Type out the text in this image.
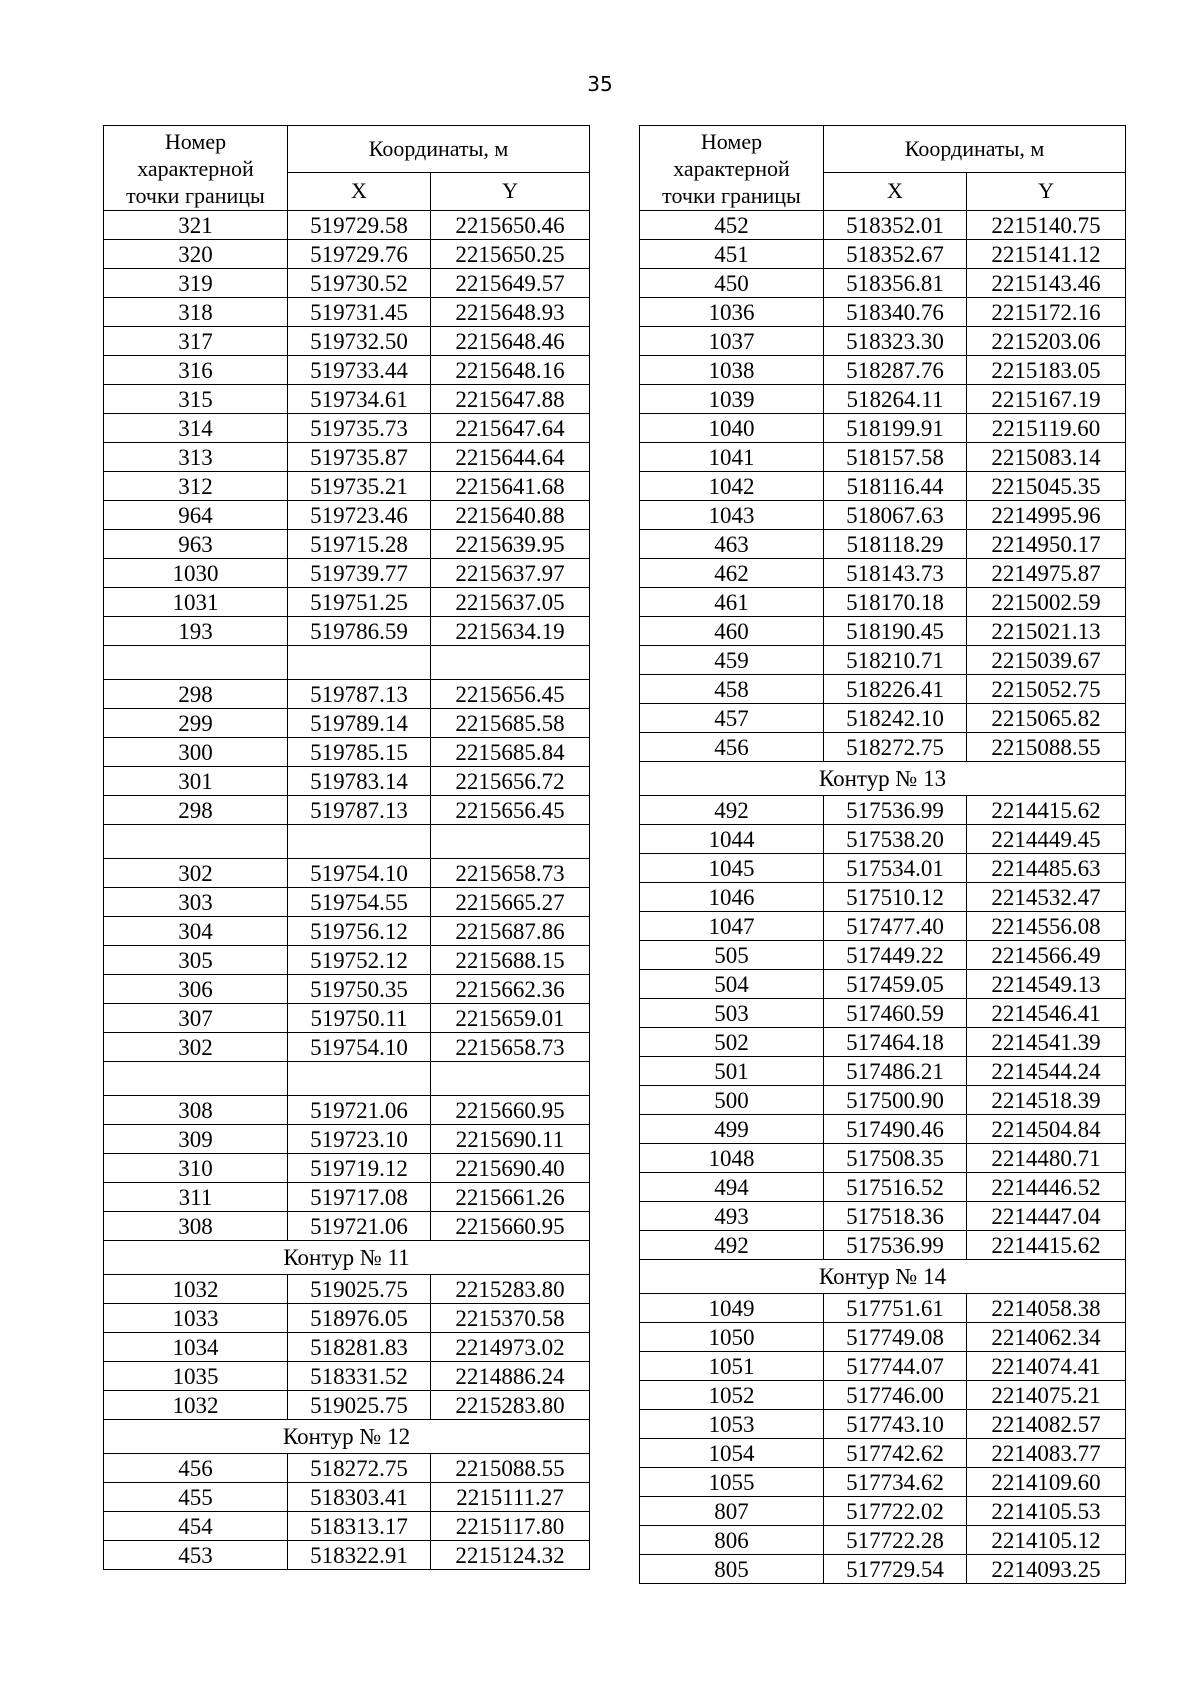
35
Номер характерной точки границы	Координаты, м	
	X	Y
321	519729.58	2215650.46
320	519729.76	2215650.25
319	519730.52	2215649.57
318	519731.45	2215648.93
317	519732.50	2215648.46
316	519733.44	2215648.16
315	519734.61	2215647.88
314	519735.73	2215647.64
313	519735.87	2215644.64
312	519735.21	2215641.68
964	519723.46	2215640.88
963	519715.28	2215639.95
1030	519739.77	2215637.97
1031	519751.25	2215637.05
193	519786.59	2215634.19

298	519787.13	2215656.45
299	519789.14	2215685.58
300	519785.15	2215685.84
301	519783.14	2215656.72
298	519787.13	2215656.45

302	519754.10	2215658.73
303	519754.55	2215665.27
304	519756.12	2215687.86
305	519752.12	2215688.15
306	519750.35	2215662.36
307	519750.11	2215659.01
302	519754.10	2215658.73

308	519721.06	2215660.95
309	519723.10	2215690.11
310	519719.12	2215690.40
311	519717.08	2215661.26
308	519721.06	2215660.95
Контур № 11		
1032	519025.75	2215283.80
1033	518976.05	2215370.58
1034	518281.83	2214973.02
1035	518331.52	2214886.24
1032	519025.75	2215283.80
Контур № 12		
456	518272.75	2215088.55
455	518303.41	2215111.27
454	518313.17	2215117.80
453	518322.91	2215124.32
Номер характерной точки границы	Координаты, м	
	X	Y
452	518352.01	2215140.75
451	518352.67	2215141.12
450	518356.81	2215143.46
1036	518340.76	2215172.16
1037	518323.30	2215203.06
1038	518287.76	2215183.05
1039	518264.11	2215167.19
1040	518199.91	2215119.60
1041	518157.58	2215083.14
1042	518116.44	2215045.35
1043	518067.63	2214995.96
463	518118.29	2214950.17
462	518143.73	2214975.87
461	518170.18	2215002.59
460	518190.45	2215021.13
459	518210.71	2215039.67
458	518226.41	2215052.75
457	518242.10	2215065.82
456	518272.75	2215088.55
Контур № 13		
492	517536.99	2214415.62
1044	517538.20	2214449.45
1045	517534.01	2214485.63
1046	517510.12	2214532.47
1047	517477.40	2214556.08
505	517449.22	2214566.49
504	517459.05	2214549.13
503	517460.59	2214546.41
502	517464.18	2214541.39
501	517486.21	2214544.24
500	517500.90	2214518.39
499	517490.46	2214504.84
1048	517508.35	2214480.71
494	517516.52	2214446.52
493	517518.36	2214447.04
492	517536.99	2214415.62
Контур № 14		
1049	517751.61	2214058.38
1050	517749.08	2214062.34
1051	517744.07	2214074.41
1052	517746.00	2214075.21
1053	517743.10	2214082.57
1054	517742.62	2214083.77
1055	517734.62	2214109.60
807	517722.02	2214105.53
806	517722.28	2214105.12
805	517729.54	2214093.25
